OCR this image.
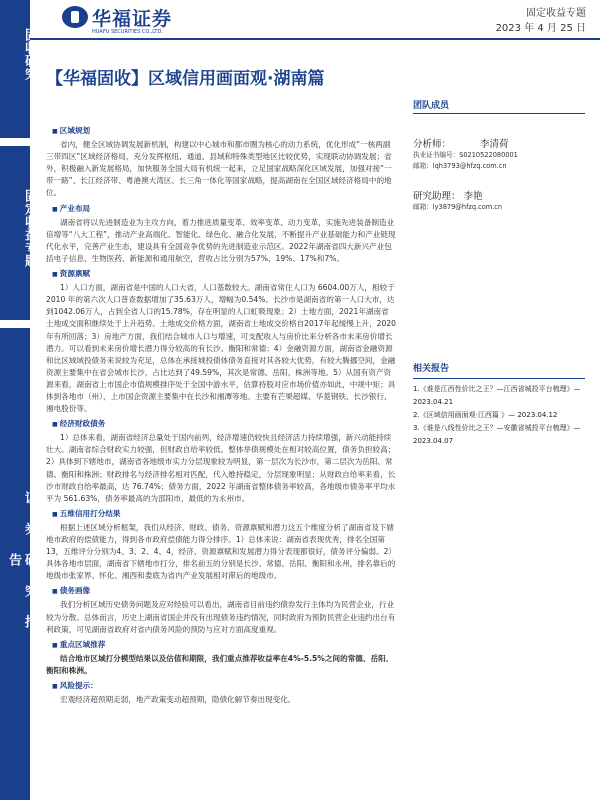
固收研究
固定收益专题
证券研究报告
华福证券
HUAFU SECURITIES CO.,LTD.
固定收益专题
2023 年 4 月 25 日
【华福固收】区域信用画面观·湖南篇
■ 区域规划

省内，健全区域协调发展新机制，构建以中心城市和都市圈为核心的动力系统，优化形成“一核两副三带四区”区域经济格局，充分发挥枢纽、通道、县域和特殊类型地区比较优势，实现联动协调发展；省外，积极融入新发展格局，加快服务全国大局有机统一起来，立足国家战略深化区域发展，加强对接“一带一路”、长江经济带、粤港澳大湾区、长三角一体化等国家战略，提高湖南在全国区域经济格局中的地位。

■ 产业布局

湖南省将以先进制造业为主攻方向，着力推进质量变革、效率变革、动力变革，实施先进装备制造业倍增等“八大工程”，推动产业高端化、智能化、绿色化、融合化发展，不断提升产业基础能力和产业链现代化水平，完善产业生态，建设具有全国竞争优势的先进制造业示范区。2022年湖南省四大新兴产业包括电子信息、生物医药、新能源和通用航空，营收占比分别为57%、19%、17%和7%。

■ 资源禀赋

1）人口方面，湖南省是中国的人口大省，人口基数较大。湖南省常住人口为 6604.00万人，相较于 2010 年的第六次人口普查数据增加了35.63万人，增幅为0.54%。长沙市是湖南省的第一人口大市，达到1042.06万人，占到全省人口的15.78%，存在明显的人口虹吸现象；2）土地方面，2021年湖南省土地成交面积继续处于上升趋势。土地成交价格方面，湖南省土地成交价格自2017年起缓慢上升，2020年有所回落；3）房地产方面，我们结合城市人口与增速，可支配收入与房价比来分析各市未来房价增长潜力。可以看到未来房价增长潜力得分较高的有长沙、衡阳和常德；4）金融资源方面，湖南省金融资源和比区域域投债务来说较为充足，总体在承接城投债体债务直接对其各较大优势，有较大腾挪空间，金融资源主要集中在省会城市长沙，占比达到了49.59%，其次是常德、岳阳、株洲等地。5）从国有资产资源来看，湖南省上市国企市值规模排序处于全国中游水平，估算持股对应市场价值亦如此，中规中矩；具体到各地市（州），上市国企资源主要集中在长沙和湘潭等地。主要有芒果超媒、华菱钢铁、长沙银行、湘电股份等。

■ 经济财政债务

1）总体来看，湖南省经济总量处于国内前列，经济增速仍较快且经济活力持续增强，新兴动能持续壮大。湖南省综合财政实力较强，但财政自给率较低。整体举债规模处在相对较高位置，债务负担较高；2）具体到下辖地市，湖南省各地级市实力分层现象较为明显，第一层次为长沙市，第二层次为岳阳、常德、衡阳和株洲；财政排名与经济排名相对匹配，代入维持稳定，分层现象明显；从财政自给率来看，长沙市财政自给率最高，达 76.74%；债务方面，2022 年湖南省整体债务率较高，各地级市债务率平均水平为 561.63%，债务率最高的为邵阳市，最低的为永州市。

■ 五维信用打分结果

根据上述区域分析框架，我们从经济、财政、债务、资源禀赋和潜力这五个维度分析了湖南省及下辖地市政府的偿债能力，得到各市政府偿债能力得分排序。1）总体来说：湖南省表现优秀，排名全国第13，五维评分分别为4、3、2、4、4，经济、资源禀赋和发展潜力得分表现都很好，债务评分偏弱。2）具体各地市层面，湖南省下辖地市打分，排名前五的分别是长沙、常德、岳阳、衡阳和永州，排名靠后的地级市张家界、怀化、湘西和娄底为省内产业发展相对滞后的地级市。

■ 债务画像

我们分析区域历史债务问题及应对经验可以看出，湖南省目前违约债券发行主体均为民营企业，行业较为分散。总体而言，历史上湖南省国企并没有出现债务违约情况，同时政府为预防民营企业违约出台有利政策，可见湖南省政府对省内债务风险的预防与应对方面高度重视。

■ 重点区域推荐

结合地市区域打分模型结果以及估值和期限，我们重点推荐收益率在4%-5.5%之间的常德、岳阳、衡阳和株洲。

■ 风险提示：

宏观经济超预期走弱，地产政策变动超预期，隐债化解节奏出现变化。

团队成员
分析师：	李清荷
执业证书编号：S0210522080001
邮箱：lqh3793@hfzq.com.cn
研究助理： 李艳
邮箱：ly3879@hfzq.com.cn
相关报告
1.《谁是江西性价比之王？—江西省城投平台梳理》— 2023.04.21
2.《区域信用画面观·江西篇 》— 2023.04.12
3.《谁是八线性价比之王？—安徽省城投平台梳理》— 2023.04.07
